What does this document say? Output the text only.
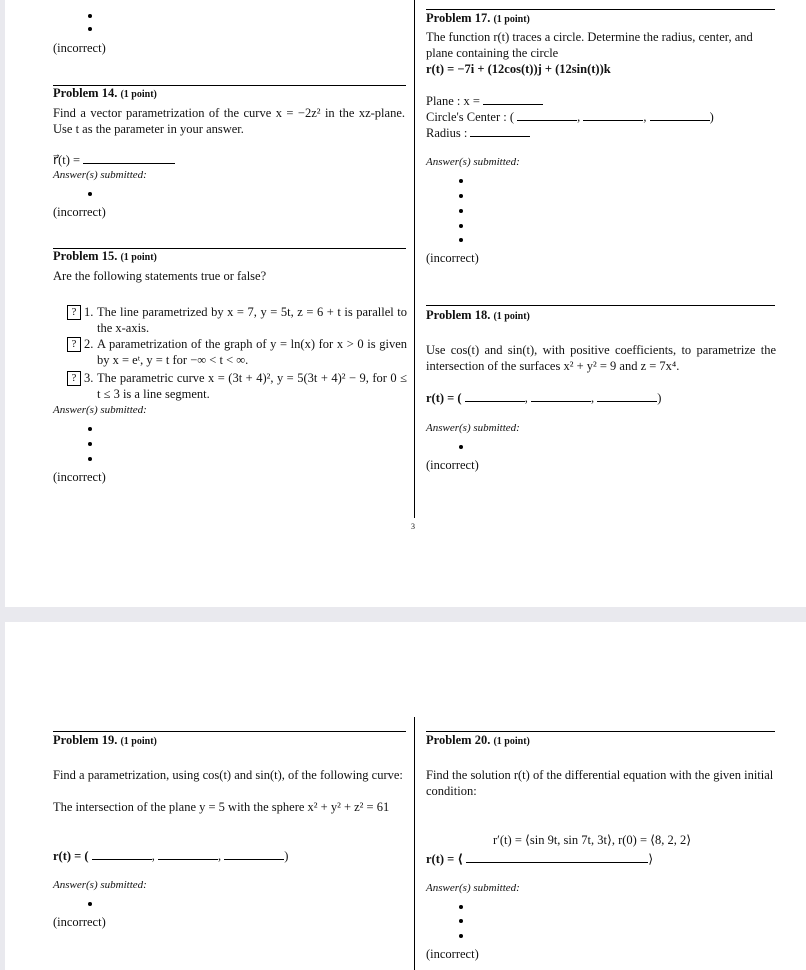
(incorrect)
Problem 14. (1 point)
Find a vector parametrization of the curve x = −2z² in the xz-plane. Use t as the parameter in your answer.
r⃗(t) =
Answer(s) submitted:
(incorrect)
Problem 15. (1 point)
Are the following statements true or false?
? 1. The line parametrized by x = 7, y = 5t, z = 6 + t is parallel to the x-axis.
? 2. A parametrization of the graph of y = ln(x) for x > 0 is given by x = eᵗ, y = t for −∞ < t < ∞.
? 3. The parametric curve x = (3t + 4)², y = 5(3t + 4)² − 9, for 0 ≤ t ≤ 3 is a line segment.
Answer(s) submitted:
(incorrect)
3
Problem 17. (1 point)
The function r(t) traces a circle. Determine the radius, center, and plane containing the circle
r(t) = −7i + (12cos(t))j + (12sin(t))k
Plane : x =
Circle's Center : (	,	,	)
Radius :
Answer(s) submitted:
(incorrect)
Problem 18. (1 point)
Use cos(t) and sin(t), with positive coefficients, to parametrize the intersection of the surfaces x² + y² = 9 and z = 7x⁴.
r(t) = (	,	,	)
Answer(s) submitted:
(incorrect)
Problem 19. (1 point)
Find a parametrization, using cos(t) and sin(t), of the following curve:
The intersection of the plane y = 5 with the sphere x² + y² + z² = 61
r(t) = (	,	,	)
Answer(s) submitted:
(incorrect)
Problem 20. (1 point)
Find the solution r(t) of the differential equation with the given initial condition:
r′(t) = ⟨sin 9t, sin 7t, 3t⟩, r(0) = ⟨8, 2, 2⟩
r(t) = ⟨	⟩
Answer(s) submitted:
(incorrect)
